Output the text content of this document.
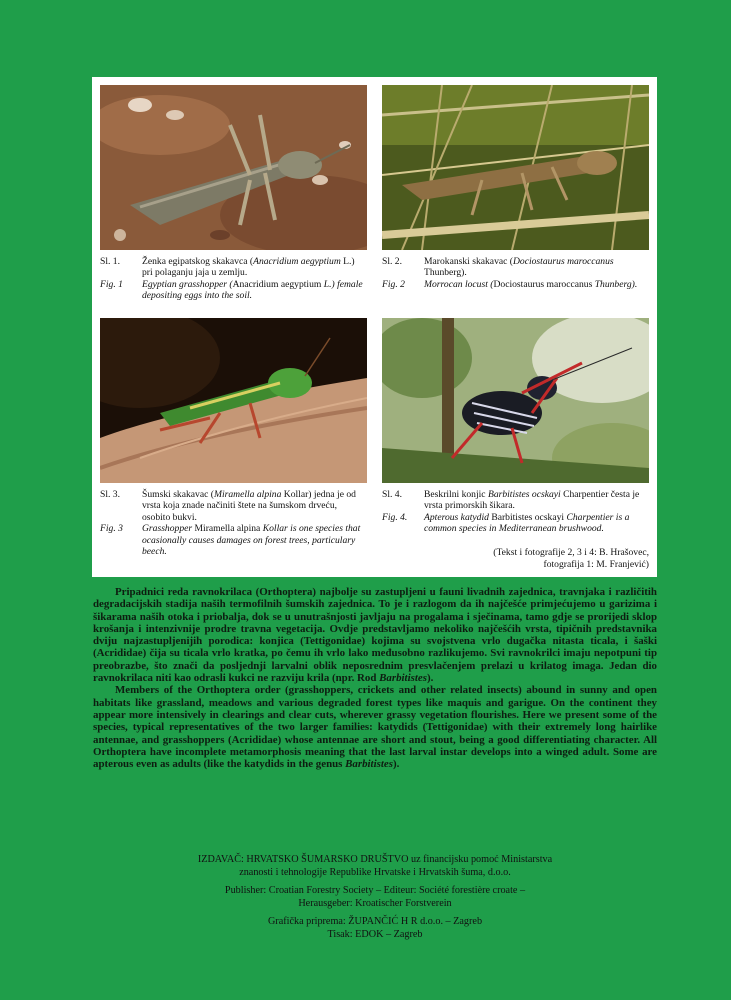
Sl. 1.	Ženka egipatskog skakavca (Anacridium aegyptium L.) pri polaganju jaja u zemlju.
Fig. 1	Egyptian grasshopper (Anacridium aegyptium L.) female depositing eggs into the soil.
Sl. 2.	Marokanski skakavac (Dociostaurus maroccanus Thunberg).
Fig. 2	Morrocan locust (Dociostaurus maroccanus Thunberg).
Sl. 3.	Šumski skakavac (Miramella alpina Kollar) jedna je od vrsta koja znade načiniti štete na šumskom drveću, osobito bukvi.
Fig. 3	Grasshopper Miramella alpina Kollar is one species that ocasionally causes damages on forest trees, particulary beech.
Sl. 4.	Beskrilni konjic Barbitistes ocskayi Charpentier česta je vrsta primorskih šikara.
Fig. 4.	Apterous katydid Barbitistes ocskayi Charpentier is a common species in Mediterranean brushwood.
(Tekst i fotografije 2, 3 i 4: B. Hrašovec,
fotografija 1: M. Franjević)

Pripadnici reda ravnokrilaca (Orthoptera) najbolje su zastupljeni u fauni livadnih zajednica, travnjaka i različitih degradacijskih stadija naših termofilnih šumskih zajednica. To je i razlogom da ih najčešće primjećujemo u garizima i šikarama naših otoka i priobalja, dok se u unutrašnjosti javljaju na progalama i sječinama, tamo gdje se prorijedi sklop krošanja i intenzivnije prodre travna vegetacija. Ovdje predstavljamo nekoliko najčešćih vrsta, tipičnih predstavnika dviju najzastupljenijih porodica: konjica (Tettigonidae) kojima su svojstvena vrlo dugačka nitasta ticala, i šaški (Acrididae) čija su ticala vrlo kratka, po čemu ih vrlo lako međusobno razlikujemo. Svi ravnokrilci imaju nepotpuni tip preobrazbe, što znači da posljednji larvalni oblik neposrednim presvlačenjem prelazi u krilatog imaga. Jedan dio ravnokrilaca niti kao odrasli kukci ne razviju krila (npr. Rod Barbitistes).

Members of the Orthoptera order (grasshoppers, crickets and other related insects) abound in sunny and open habitats like grassland, meadows and various degraded forest types like maquis and garigue. On the continent they appear more intensively in clearings and clear cuts, wherever grassy vegetation flourishes. Here we present some of the species, typical representatives of the two larger families: katydids (Tettigonidae) with their extremely long hairlike antennae, and grasshoppers (Acrididae) whose antennae are short and stout, being a good differentiating character. All Orthoptera have incomplete metamorphosis meaning that the last larval instar develops into a winged adult. Some are apterous even as adults (like the katydids in the genus Barbitistes).

IZDAVAČ: HRVATSKO ŠUMARSKO DRUŠTVO uz financijsku pomoć Ministarstva
znanosti i tehnologije Republike Hrvatske i Hrvatskih šuma, d.o.o.
Publisher: Croatian Forestry Society – Editeur: Société forestière croate –
Herausgeber: Kroatischer Forstverein
Grafička priprema: ŽUPANČIĆ H R d.o.o. – Zagreb
Tisak: EDOK – Zagreb
